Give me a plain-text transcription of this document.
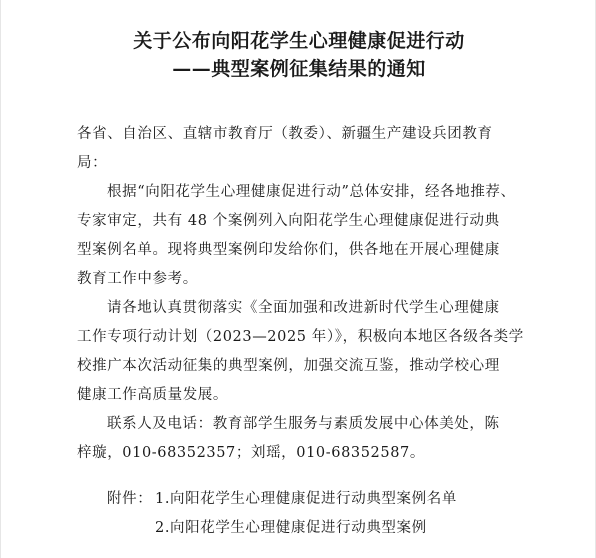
关于公布向阳花学生心理健康促进行动
——典型案例征集结果的通知
各省、自治区、直辖市教育厅（教委）、新疆生产建设兵团教育
局：
根据“向阳花学生心理健康促进行动”总体安排，经各地推荐、
专家审定，共有 48 个案例列入向阳花学生心理健康促进行动典
型案例名单。现将典型案例印发给你们，供各地在开展心理健康
教育工作中参考。
请各地认真贯彻落实《全面加强和改进新时代学生心理健康
工作专项行动计划（2023—2025 年）》，积极向本地区各级各类学
校推广本次活动征集的典型案例，加强交流互鉴，推动学校心理
健康工作高质量发展。
联系人及电话：教育部学生服务与素质发展中心体美处，陈
梓璇，010-68352357；刘瑶，010-68352587。
附件： 1.向阳花学生心理健康促进行动典型案例名单
2.向阳花学生心理健康促进行动典型案例
